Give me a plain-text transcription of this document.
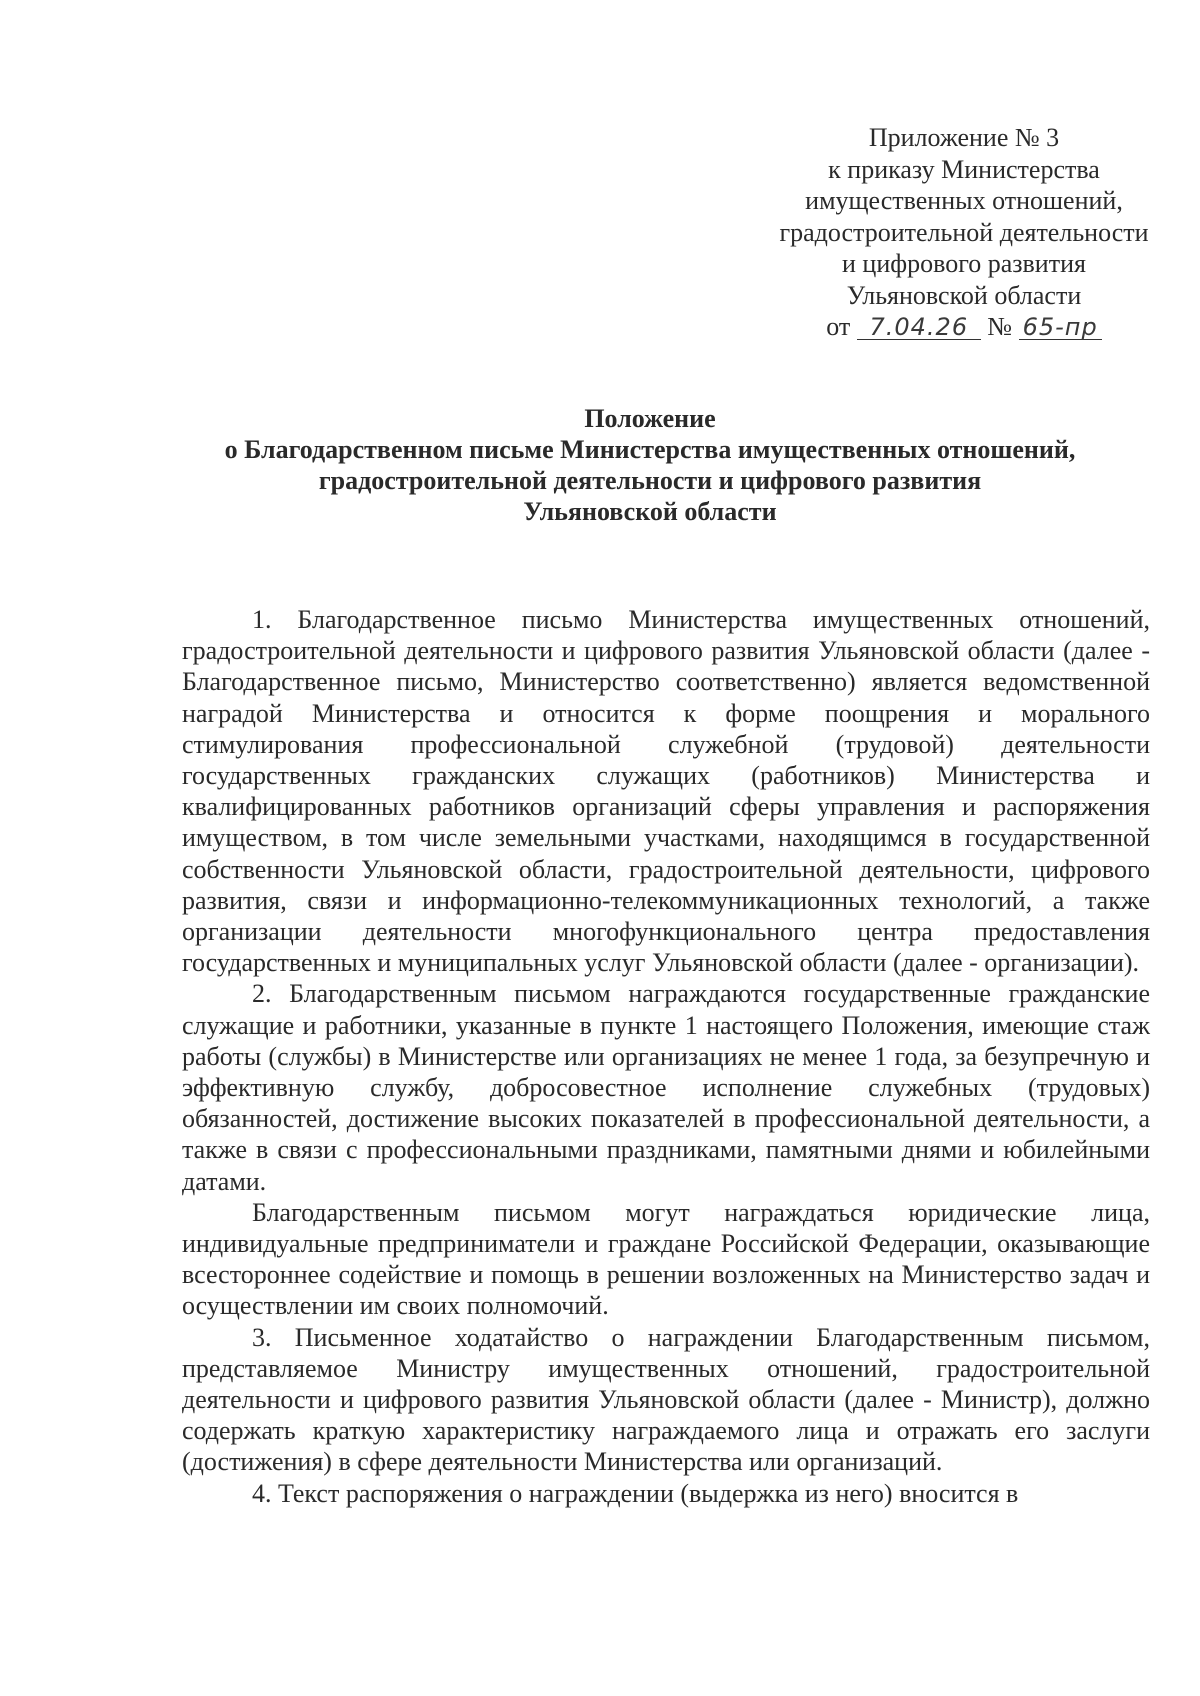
Приложение № 3
к приказу Министерства
имущественных отношений,
градостроительной деятельности
и цифрового развития
Ульяновской области
от 7.04.26 № 65-пр
Положение
о Благодарственном письме Министерства имущественных отношений,
градостроительной деятельности и цифрового развития
Ульяновской области

1. Благодарственное письмо Министерства имущественных отношений, градостроительной деятельности и цифрового развития Ульяновской области (далее - Благодарственное письмо, Министерство соответственно) является ведомственной наградой Министерства и относится к форме поощрения и морального стимулирования профессиональной служебной (трудовой) деятельности государственных гражданских служащих (работников) Министерства и квалифицированных работников организаций сферы управления и распоряжения имуществом, в том числе земельными участками, находящимся в государственной собственности Ульяновской области, градостроительной деятельности, цифрового развития, связи и информационно-телекоммуникационных технологий, а также организации деятельности многофункционального центра предоставления государственных и муниципальных услуг Ульяновской области (далее - организации).

2. Благодарственным письмом награждаются государственные гражданские служащие и работники, указанные в пункте 1 настоящего Положения, имеющие стаж работы (службы) в Министерстве или организациях не менее 1 года, за безупречную и эффективную службу, добросовестное исполнение служебных (трудовых) обязанностей, достижение высоких показателей в профессиональной деятельности, а также в связи с профессиональными праздниками, памятными днями и юбилейными датами.

Благодарственным письмом могут награждаться юридические лица, индивидуальные предприниматели и граждане Российской Федерации, оказывающие всестороннее содействие и помощь в решении возложенных на Министерство задач и осуществлении им своих полномочий.

3. Письменное ходатайство о награждении Благодарственным письмом, представляемое Министру имущественных отношений, градостроительной деятельности и цифрового развития Ульяновской области (далее - Министр), должно содержать краткую характеристику награждаемого лица и отражать его заслуги (достижения) в сфере деятельности Министерства или организаций.

4. Текст распоряжения о награждении (выдержка из него) вносится в
